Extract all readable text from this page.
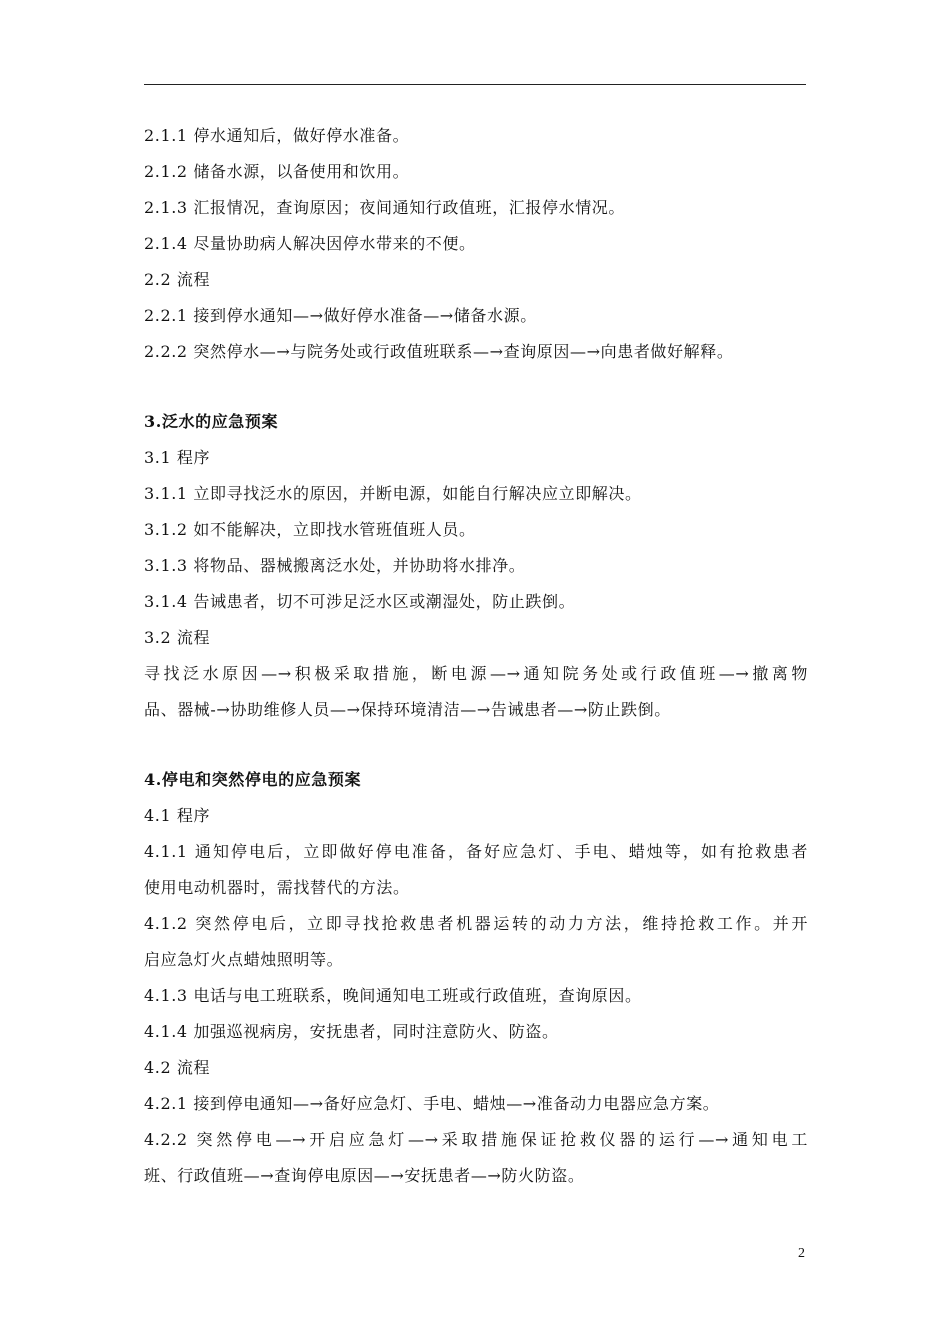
2.1.1 停水通知后，做好停水准备。
2.1.2 储备水源，以备使用和饮用。
2.1.3 汇报情况，查询原因；夜间通知行政值班，汇报停水情况。
2.1.4 尽量协助病人解决因停水带来的不便。
2.2 流程
2.2.1 接到停水通知—→做好停水准备—→储备水源。
2.2.2 突然停水—→与院务处或行政值班联系—→查询原因—→向患者做好解释。
3.泛水的应急预案
3.1 程序
3.1.1 立即寻找泛水的原因，并断电源，如能自行解决应立即解决。
3.1.2 如不能解决，立即找水管班值班人员。
3.1.3 将物品、器械搬离泛水处，并协助将水排净。
3.1.4 告诫患者，切不可涉足泛水区或潮湿处，防止跌倒。
3.2 流程
寻找泛水原因—→积极采取措施，断电源—→通知院务处或行政值班—→撤离物
品、器械-→协助维修人员—→保持环境清洁—→告诫患者—→防止跌倒。
4.停电和突然停电的应急预案
4.1 程序
4.1.1 通知停电后，立即做好停电准备，备好应急灯、手电、蜡烛等，如有抢救患者
使用电动机器时，需找替代的方法。
4.1.2 突然停电后，立即寻找抢救患者机器运转的动力方法，维持抢救工作。并开
启应急灯火点蜡烛照明等。
4.1.3 电话与电工班联系，晚间通知电工班或行政值班，查询原因。
4.1.4 加强巡视病房，安抚患者，同时注意防火、防盗。
4.2 流程
4.2.1 接到停电通知—→备好应急灯、手电、蜡烛—→准备动力电器应急方案。
4.2.2 突然停电—→开启应急灯—→采取措施保证抢救仪器的运行—→通知电工
班、行政值班—→查询停电原因—→安抚患者—→防火防盗。
2
